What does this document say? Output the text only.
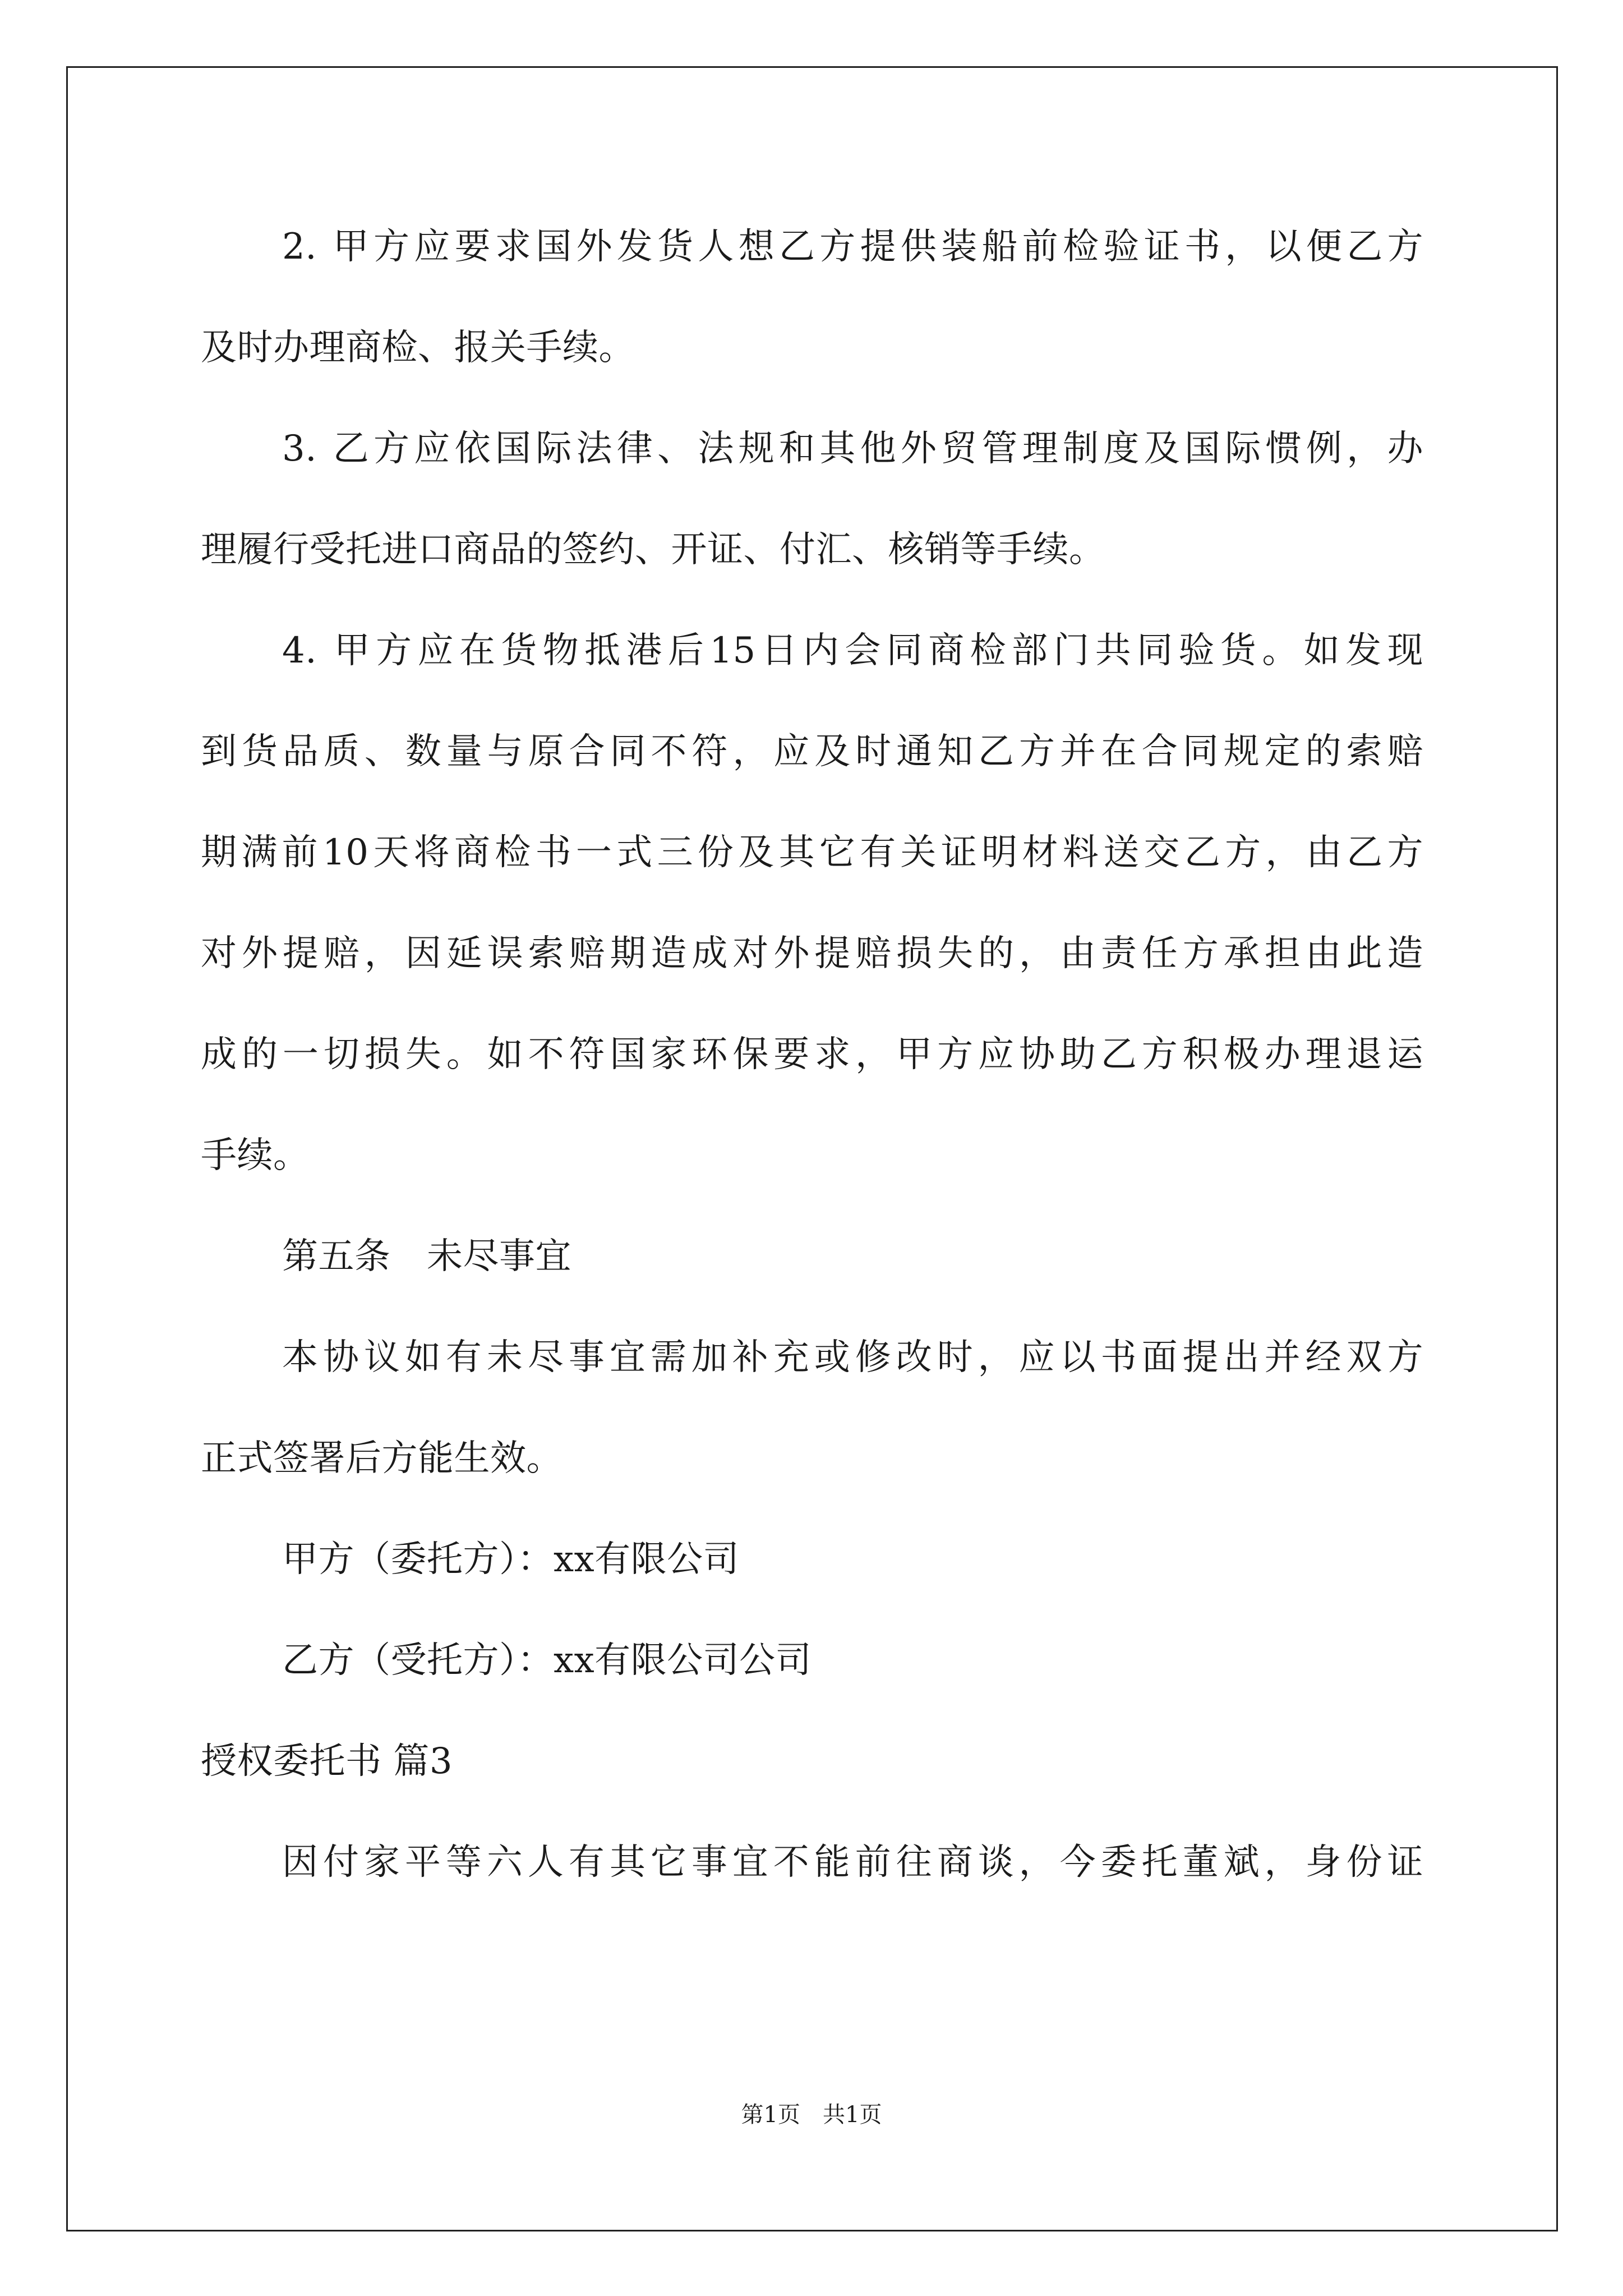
2. 甲方应要求国外发货人想乙方提供装船前检验证书，以便乙方
及时办理商检、报关手续。
3. 乙方应依国际法律、法规和其他外贸管理制度及国际惯例，办
理履行受托进口商品的签约、开证、付汇、核销等手续。
4. 甲方应在货物抵港后15日内会同商检部门共同验货。如发现
到货品质、数量与原合同不符，应及时通知乙方并在合同规定的索赔
期满前10天将商检书一式三份及其它有关证明材料送交乙方，由乙方
对外提赔，因延误索赔期造成对外提赔损失的，由责任方承担由此造
成的一切损失。如不符国家环保要求，甲方应协助乙方积极办理退运
手续。
第五条　未尽事宜
本协议如有未尽事宜需加补充或修改时，应以书面提出并经双方
正式签署后方能生效。
甲方（委托方）：xx有限公司
乙方（受托方）：xx有限公司公司
授权委托书 篇3
因付家平等六人有其它事宜不能前往商谈，今委托董斌，身份证
第1页　共1页
